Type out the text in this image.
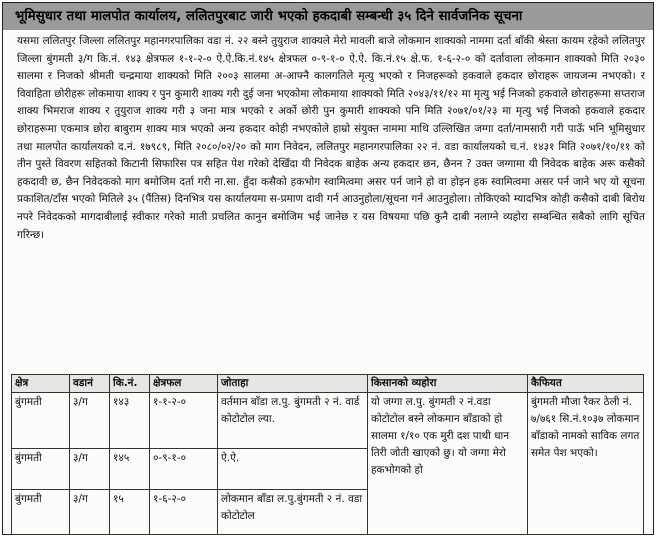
भूमिसुधार तथा मालपोत कार्यालय, ललितपुरबाट जारी भएको हकदाबी सम्बन्धी ३५ दिने सार्वजनिक सूचना
यसमा ललितपुर जिल्ला ललितपुर महानगरपालिका वडा नं. २२ बस्ने तुयुराज शाक्यले मेरो मावली बाजे लोकमान शाक्यको नाममा दर्ता बाँकी श्रेस्ता कायम रहेको ललितपुर जिल्ला बुंगमती ३/ग कि.नं. १४३ क्षेत्रफल १-१-२-० ऐ.ऐ.कि.नं.१४५ क्षेत्रफल ०-९-१-० ऐ.ऐ. कि.नं.१५ क्षे.फ. १-६-२-० को दर्तावाला लोकमान शाक्यको मिति २०३० सालमा र निजको श्रीमती चन्द्रमाया शाक्यको मिति २००३ सालमा अ-आफ्नै कालगतिले मृत्यु भएको र निजहरूको हकवाले हकदार छोराहरू जायजन्म नभएको। र विवाहिता छोरीहरू लोकमाया शाक्य र पुन कुमारी शाक्य गरी दुई जना भएकोमा लोकमाया शाक्यको मिति २०४३/११/१२ मा मृत्यु भई निजको हकवाले छोराहरूमा सप्तराज शाक्य भिमराज शाक्य र तुयुराज शाक्य गरी ३ जना मात्र भएको र अर्को छोरी पुन कुमारी शाक्यको पनि मिति २०७१/०१/२३ मा मृत्यु भई निजको हकवाले हकदार छोराहरूमा एकमात्र छोरा बाबुराम शाक्य मात्र भएको अन्य हकदार कोही नभएकोले हाम्रो संयुक्त नाममा माथि उल्लिखित जग्गा दर्ता/नामसारी गरी पाऊँ भनि भूमिसुधार तथा मालपोत कार्यालयको द.नं. १७९८९, मिति २०८०/०२/२० को माग निवेदन, ललितपुर महानगरपालिका २२ नं. वडा कार्यालयको च.नं. १४३१ मिति २०७१/१०/११ को तीन पुस्ते विवरण सहितको किटानी सिफारिस पत्र सहित पेश गरेको देखिँदा यी निवेदक बाहेक अन्य हकदार छन, छैनन ? उक्त जग्गामा यी निवेदक बाहेक अरू कसैको हकदावी छ, छैन निवेदकको माग बमोजिम दर्ता गरी ना.सा. हुँदा कसैको हकभोग स्वामित्वमा असर पर्न जाने हो वा होइन हक स्वामित्वमा असर पर्न जाने भए यो सूचना प्रकाशित/टाँस भएको मितिले ३५ (पैंतिस) दिनभित्र यस कार्यालयमा स-प्रमाण दावी गर्न आउनुहोला/सूचना गर्न आउनुहोला। तोकिएको म्यादभित्र कोही कसैको दाबी बिरोध नपरे निवेदकको मागदाबीलाई स्वीकार गरेको माती प्रचलित कानुन बमोजिम भई जानेछ र यस विषयमा पछि कुनै दाबी नलाग्ने व्यहोरा सम्बन्धित सबैको लागि सूचित गरिन्छ।
क्षेत्र	वडानं	कि.नं.	क्षेत्रफल	जोताहा	किसानको व्यहोरा	कैफियत
बुंगमती	३/ग	१४३	१-१-२-०	वर्तमान बाँडा ल.पु. बुंगमती २ नं. वार्ड कोटोटोल ल्या.	यो जग्गा ल.पु. बुंगमती २ नं.वडा कोटोटोल बस्ने लोकमान बाँडाको हो सालमा १/१० एक मुरी दश पाथी धान तिरी जोती खाएको छु। यो जग्गा मेरो हकभोगको हो	बुंगमती मौजा रैकर ठेली नं. ७/७६१ सि.नं.१०३७ लोकमान बाँडाको नामको साविक लगत समेत पेश भएको।
बुंगमती	३/ग	१४५	०-९-१-०	ऐ.ऐ.		
बुंगमती	३/ग	१५	१-६-२-०	लोकमान बाँडा ल.पु.बुंगमती २ नं. वडा कोटोटोल		
